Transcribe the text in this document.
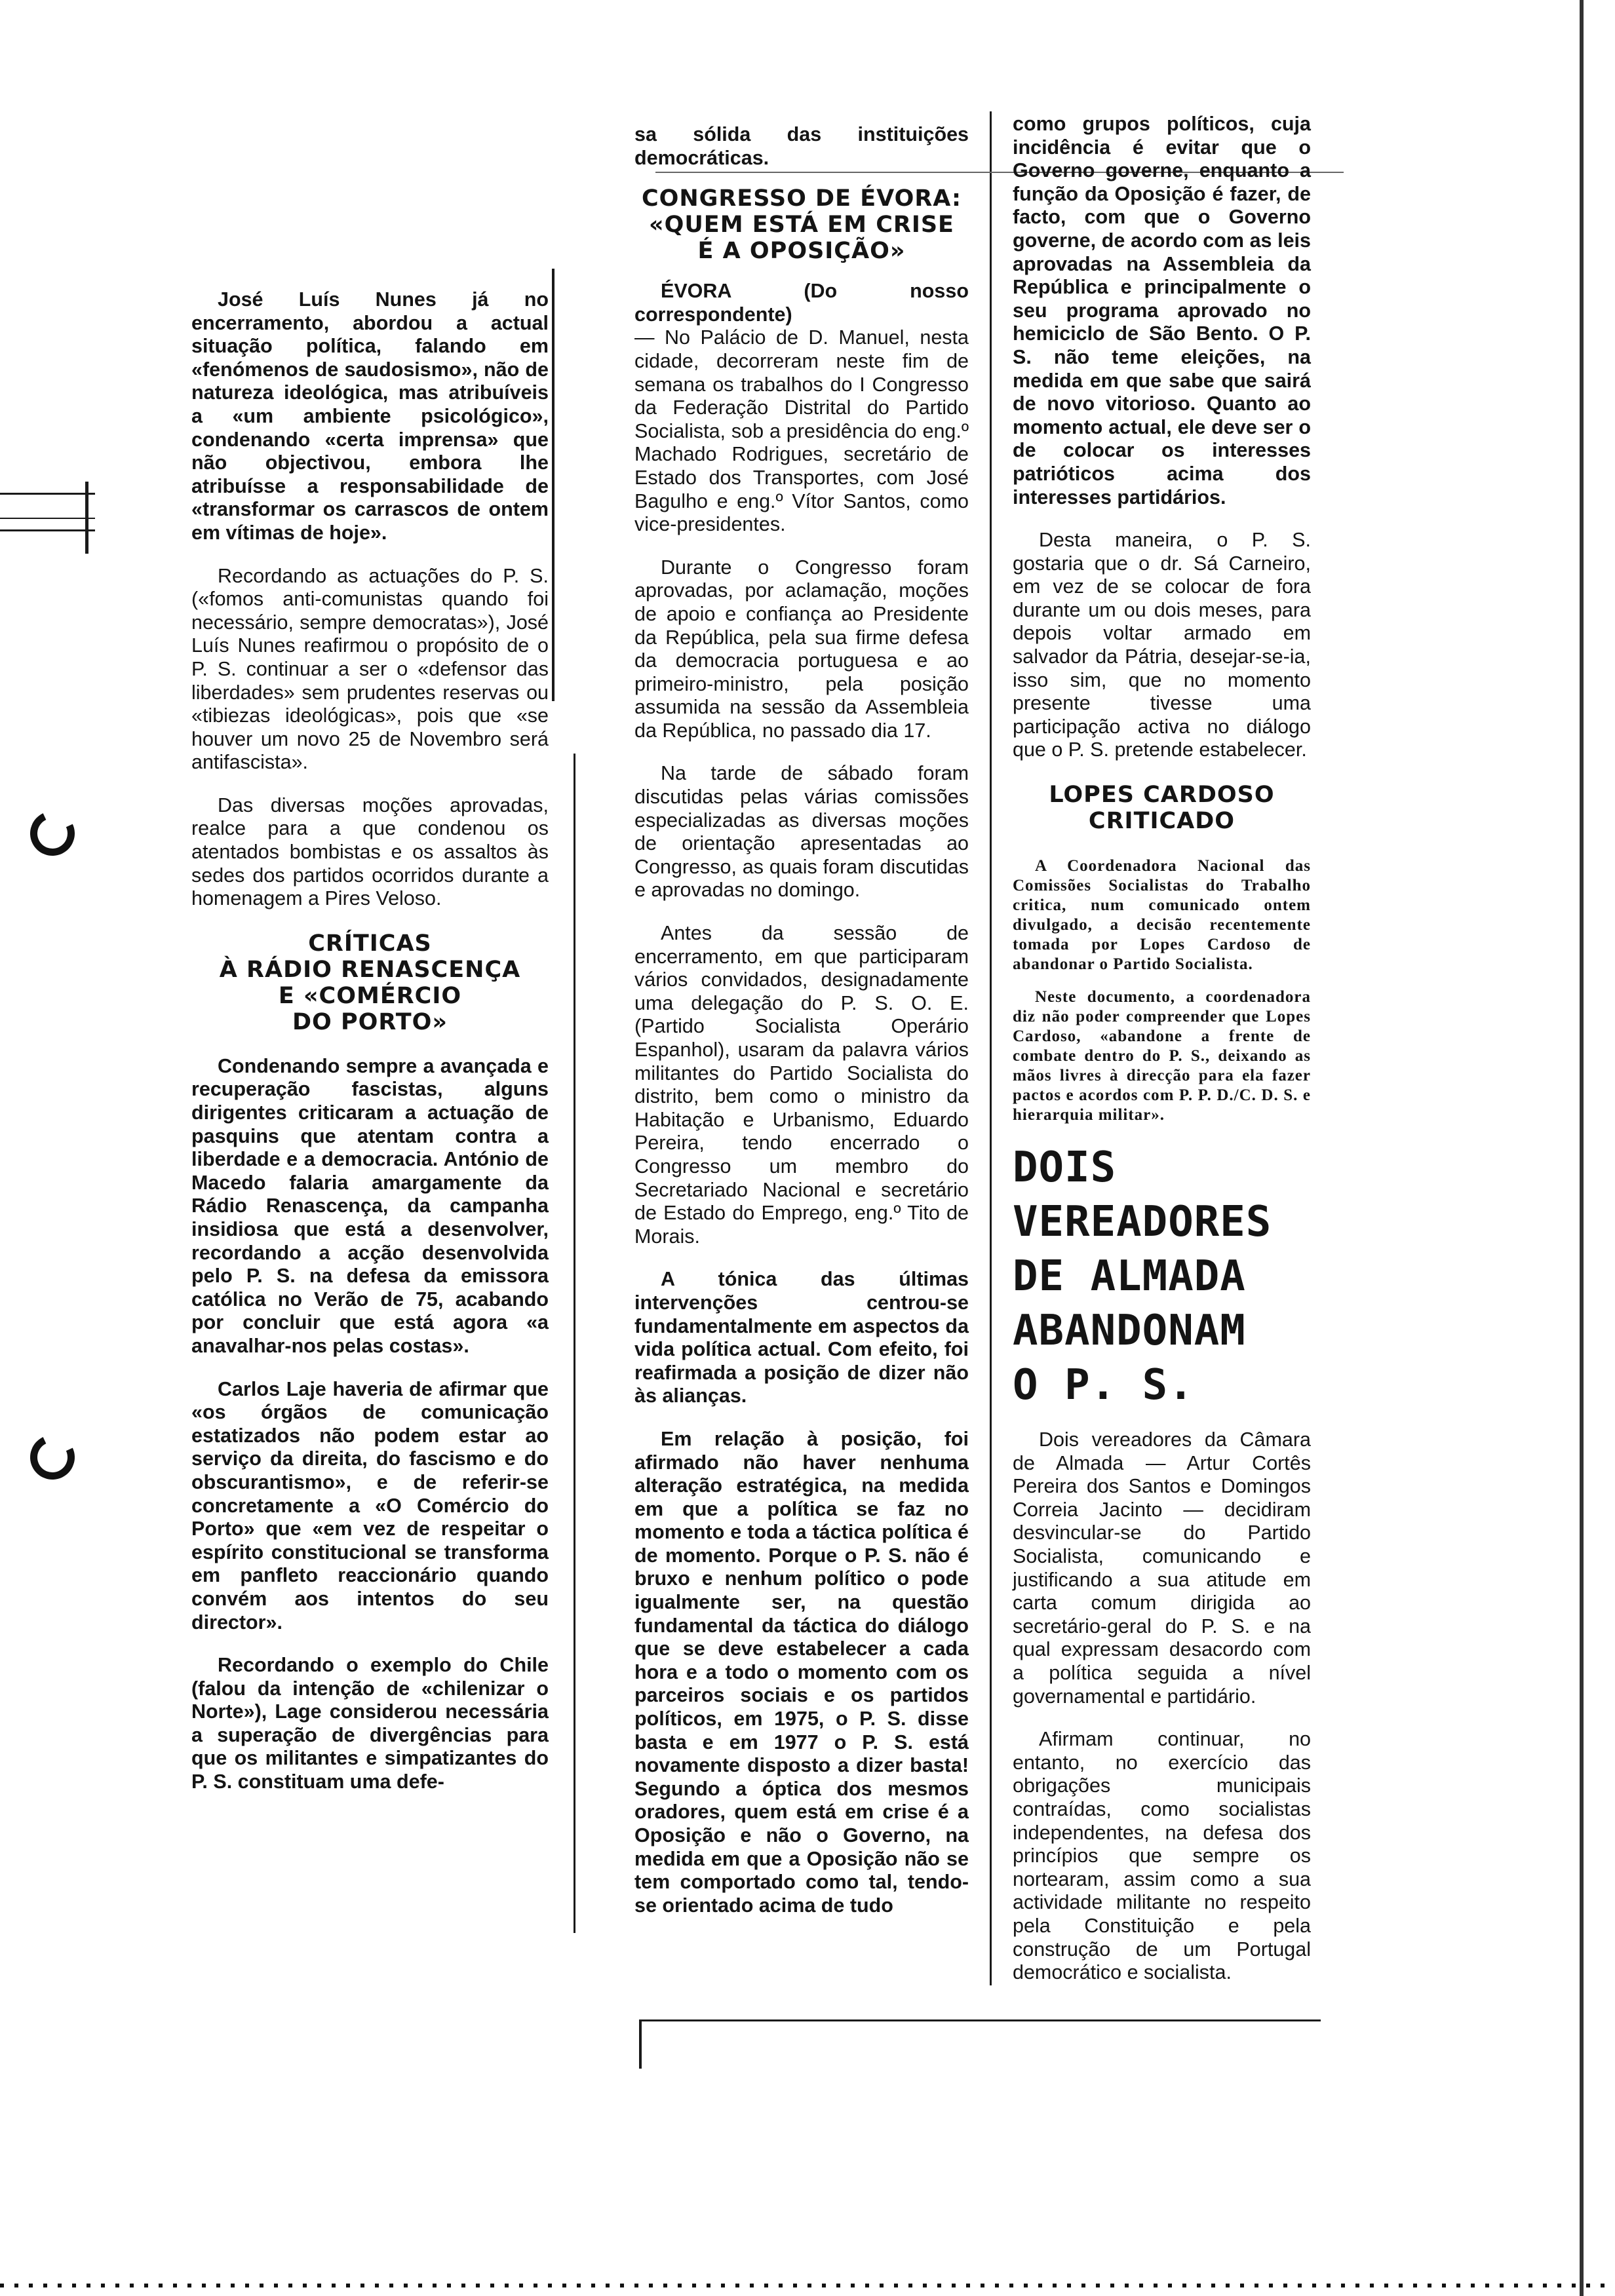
José Luís Nunes já no encerramento, abordou a actual situação política, falando em «fenómenos de saudosismo», não de natureza ideológica, mas atribuíveis a «um ambiente psicológico», condenando «certa imprensa» que não objectivou, embora lhe atribuísse a responsabilidade de «transformar os carrascos de ontem em vítimas de hoje».

Recordando as actuações do P. S. («fomos anti-comunistas quando foi necessário, sempre democratas»), José Luís Nunes reafirmou o propósito de o P. S. continuar a ser o «defensor das liberdades» sem prudentes reservas ou «tibiezas ideológicas», pois que «se houver um novo 25 de Novembro será antifascista».

Das diversas moções aprovadas, realce para a que condenou os atentados bombistas e os assaltos às sedes dos partidos ocorridos durante a homenagem a Pires Veloso.

CRÍTICAS
À RÁDIO RENASCENÇA
E «COMÉRCIO
DO PORTO»

Condenando sempre a avançada e recuperação fascistas, alguns dirigentes criticaram a actuação de pasquins que atentam contra a liberdade e a democracia. António de Macedo falaria amargamente da Rádio Renascença, da campanha insidiosa que está a desenvolver, recordando a acção desenvolvida pelo P. S. na defesa da emissora católica no Verão de 75, acabando por concluir que está agora «a anavalhar-nos pelas costas».

Carlos Laje haveria de afirmar que «os órgãos de comunicação estatizados não podem estar ao serviço da direita, do fascismo e do obscurantismo», e de referir-se concretamente a «O Comércio do Porto» que «em vez de respeitar o espírito constitucional se transforma em panfleto reaccionário quando convém aos intentos do seu director».

Recordando o exemplo do Chile (falou da intenção de «chilenizar o Norte»), Lage considerou necessária a superação de divergências para que os militantes e simpatizantes do P. S. constituam uma defe-

sa sólida das instituições democráticas.

CONGRESSO DE ÉVORA:
«QUEM ESTÁ EM CRISE
É A OPOSIÇÃO»

ÉVORA (Do nosso correspondente)

— No Palácio de D. Manuel, nesta cidade, decorreram neste fim de semana os trabalhos do I Congresso da Federação Distrital do Partido Socialista, sob a presidência do eng.º Machado Rodrigues, secretário de Estado dos Transportes, com José Bagulho e eng.º Vítor Santos, como vice-presidentes.

Durante o Congresso foram aprovadas, por aclamação, moções de apoio e confiança ao Presidente da República, pela sua firme defesa da democracia portuguesa e ao primeiro-ministro, pela posição assumida na sessão da Assembleia da República, no passado dia 17.

Na tarde de sábado foram discutidas pelas várias comissões especializadas as diversas moções de orientação apresentadas ao Congresso, as quais foram discutidas e aprovadas no domingo.

Antes da sessão de encerramento, em que participaram vários convidados, designadamente uma delegação do P. S. O. E. (Partido Socialista Operário Espanhol), usaram da palavra vários militantes do Partido Socialista do distrito, bem como o ministro da Habitação e Urbanismo, Eduardo Pereira, tendo encerrado o Congresso um membro do Secretariado Nacional e secretário de Estado do Emprego, eng.º Tito de Morais.

A tónica das últimas intervenções centrou-se fundamentalmente em aspectos da vida política actual. Com efeito, foi reafirmada a posição de dizer não às alianças.

Em relação à posição, foi afirmado não haver nenhuma alteração estratégica, na medida em que a política se faz no momento e toda a táctica política é de momento. Porque o P. S. não é bruxo e nenhum político o pode igualmente ser, na questão fundamental da táctica do diálogo que se deve estabelecer a cada hora e a todo o momento com os parceiros sociais e os partidos políticos, em 1975, o P. S. disse basta e em 1977 o P. S. está novamente disposto a dizer basta! Segundo a óptica dos mesmos oradores, quem está em crise é a Oposição e não o Governo, na medida em que a Oposição não se tem comportado como tal, tendo-se orientado acima de tudo

como grupos políticos, cuja incidência é evitar que o Governo governe, enquanto a função da Oposição é fazer, de facto, com que o Governo governe, de acordo com as leis aprovadas na Assembleia da República e principalmente o seu programa aprovado no hemiciclo de São Bento. O P. S. não teme eleições, na medida em que sabe que sairá de novo vitorioso. Quanto ao momento actual, ele deve ser o de colocar os interesses patrióticos acima dos interesses partidários.

Desta maneira, o P. S. gostaria que o dr. Sá Carneiro, em vez de se colocar de fora durante um ou dois meses, para depois voltar armado em salvador da Pátria, desejar-se-ia, isso sim, que no momento presente tivesse uma participação activa no diálogo que o P. S. pretende estabelecer.

LOPES CARDOSO
CRITICADO

A Coordenadora Nacional das Comissões Socialistas do Trabalho critica, num comunicado ontem divulgado, a decisão recentemente tomada por Lopes Cardoso de abandonar o Partido Socialista.

Neste documento, a coordenadora diz não poder compreender que Lopes Cardoso, «abandone a frente de combate dentro do P. S., deixando as mãos livres à direcção para ela fazer pactos e acordos com P. P. D./C. D. S. e hierarquia militar».

DOIS VEREADORES
DE ALMADA
ABANDONAM
O P. S.

Dois vereadores da Câmara de Almada — Artur Cortês Pereira dos Santos e Domingos Correia Jacinto — decidiram desvincular-se do Partido Socialista, comunicando e justificando a sua atitude em carta comum dirigida ao secretário-geral do P. S. e na qual expressam desacordo com a política seguida a nível governamental e partidário.

Afirmam continuar, no entanto, no exercício das obrigações municipais contraídas, como socialistas independentes, na defesa dos princípios que sempre os nortearam, assim como a sua actividade militante no respeito pela Constituição e pela construção de um Portugal democrático e socialista.
